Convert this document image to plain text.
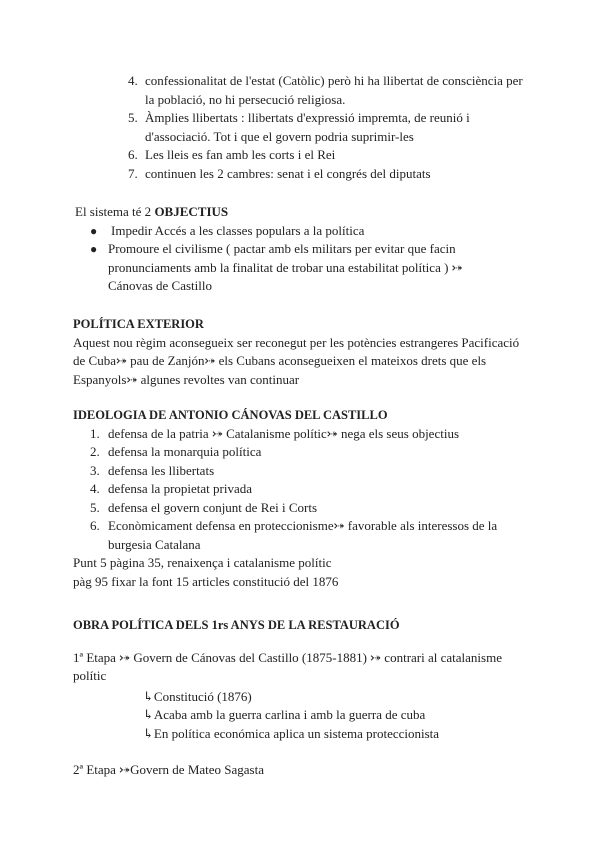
4. confessionalitat de l'estat (Catòlic) però hi ha llibertat de consciència per la població, no hi persecució religiosa.
5. Àmplies llibertats : llibertats d'expressió impremta, de reunió i d'associació. Tot i que el govern podria suprimir-les
6. Les lleis es fan amb les corts i el Rei
7. continuen les 2 cambres: senat i el congrés del diputats
El sistema té 2 OBJECTIUS
● Impedir Accés a les classes populars a la política
● Promoure el civilisme ( pactar amb els militars per evitar que facin pronunciaments amb la finalitat de trobar una estabilitat política ) ⤐ Cánovas de Castillo
POLÍTICA EXTERIOR
Aquest nou règim aconsegueix ser reconegut per les potències estrangeres Pacificació de Cuba⤐ pau de Zanjón⤐ els Cubans aconsegueixen el mateixos drets que els Espanyols⤐ algunes revoltes van continuar
IDEOLOGIA DE ANTONIO CÁNOVAS DEL CASTILLO
1. defensa de la patria ⤐ Catalanisme polític⤐ nega els seus objectius
2. defensa la monarquia política
3. defensa les llibertats
4. defensa la propietat privada
5. defensa el govern conjunt de Rei i Corts
6. Econòmicament defensa en proteccionisme⤐ favorable als interessos de la burgesia Catalana
Punt 5 pàgina 35, renaixença i catalanisme polític
pàg 95 fixar la font 15 articles constitució del 1876
OBRA POLÍTICA DELS 1rs ANYS DE LA RESTAURACIÓ
1ª Etapa ⤐ Govern de Cánovas del Castillo (1875-1881) ⤐ contrari al catalanisme polític
↳Constitució (1876)
↳Acaba amb la guerra carlina i amb la guerra de cuba
↳En política económica aplica un sistema proteccionista
2ª Etapa ⤐Govern de Mateo Sagasta
